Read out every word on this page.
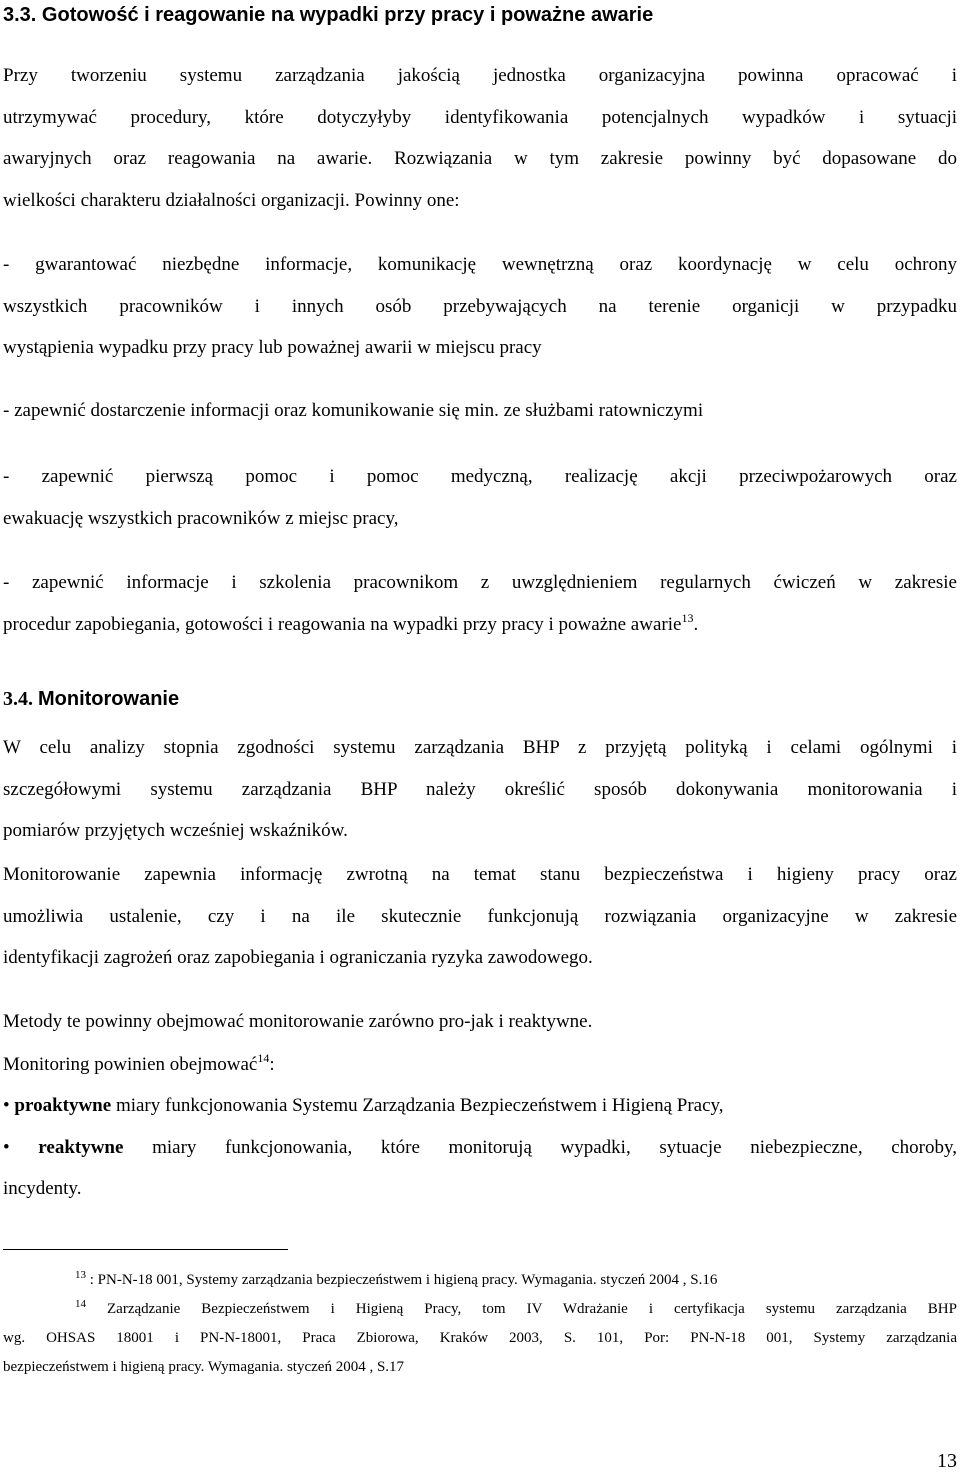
3.3. Gotowość i reagowanie na wypadki przy pracy i poważne awarie
Przy tworzeniu systemu zarządzania jakością jednostka organizacyjna powinna opracować i
utrzymywać procedury, które dotyczyłyby identyfikowania potencjalnych wypadków i sytuacji
awaryjnych oraz reagowania na awarie. Rozwiązania w tym zakresie powinny być dopasowane do
wielkości charakteru działalności organizacji. Powinny one:
- gwarantować niezbędne informacje, komunikację wewnętrzną oraz koordynację w celu ochrony
wszystkich pracowników i innych osób przebywających na terenie organicji w przypadku
wystąpienia wypadku przy pracy lub poważnej awarii w miejscu pracy
- zapewnić dostarczenie informacji oraz komunikowanie się min. ze służbami ratowniczymi
- zapewnić pierwszą pomoc i pomoc medyczną, realizację akcji przeciwpożarowych oraz
ewakuację wszystkich pracowników z miejsc pracy,
- zapewnić informacje i szkolenia pracownikom z uwzględnieniem regularnych ćwiczeń w zakresie
procedur zapobiegania, gotowości i reagowania na wypadki przy pracy i poważne awarie$^{13}$.
3.4. Monitorowanie
W celu analizy stopnia zgodności systemu zarządzania BHP z przyjętą polityką i celami ogólnymi i
szczegółowymi systemu zarządzania BHP należy określić sposób dokonywania monitorowania i
pomiarów przyjętych wcześniej wskaźników.
Monitorowanie zapewnia informację zwrotną na temat stanu bezpieczeństwa i higieny pracy oraz
umożliwia ustalenie, czy i na ile skutecznie funkcjonują rozwiązania organizacyjne w zakresie
identyfikacji zagrożeń oraz zapobiegania i ograniczania ryzyka zawodowego.
Metody te powinny obejmować monitorowanie zarówno pro-jak i reaktywne.
Monitoring powinien obejmować$^{14}$:
• proaktywne miary funkcjonowania Systemu Zarządzania Bezpieczeństwem i Higieną Pracy,
• reaktywne miary funkcjonowania, które monitorują wypadki, sytuacje niebezpieczne, choroby,
incydenty.
$^{13}$ : PN-N-18 001, Systemy zarządzania bezpieczeństwem i higieną pracy. Wymagania. styczeń 2004 , S.16
$^{14}$ Zarządzanie Bezpieczeństwem i Higieną Pracy, tom IV Wdrażanie i certyfikacja systemu zarządzania BHP
wg. OHSAS 18001 i PN-N-18001, Praca Zbiorowa, Kraków 2003, S. 101, Por: PN-N-18 001, Systemy zarządzania
bezpieczeństwem i higieną pracy. Wymagania. styczeń 2004 , S.17
13
